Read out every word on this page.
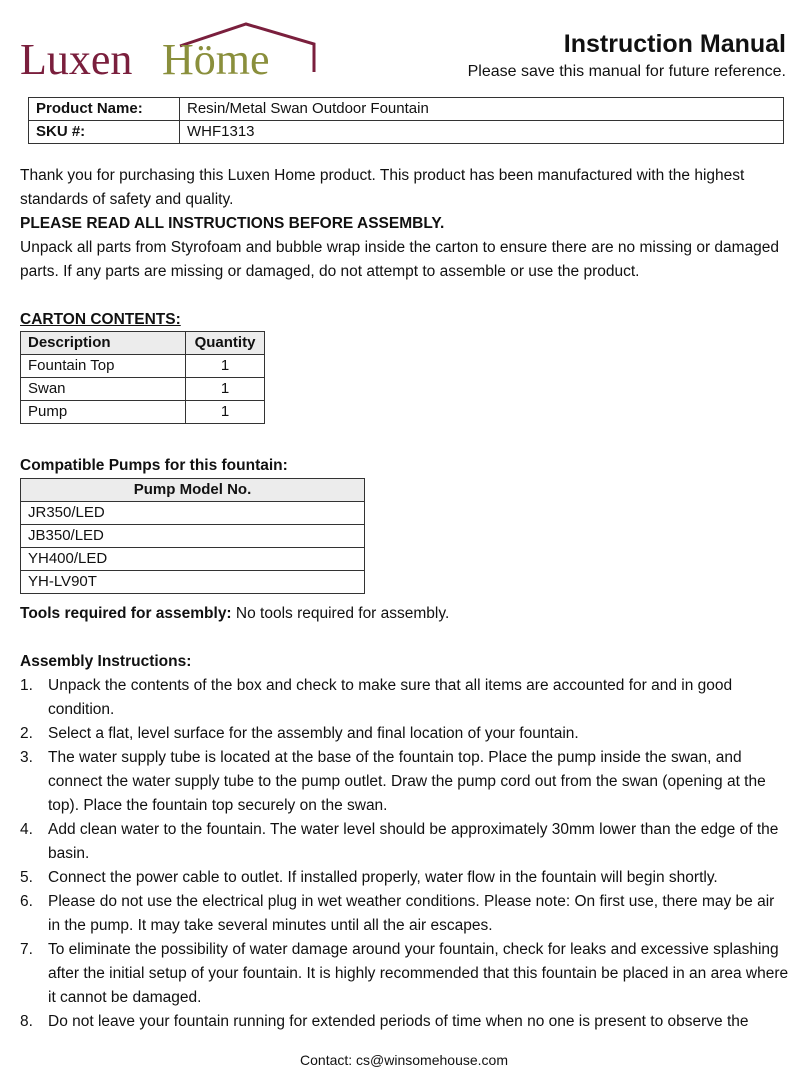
Luxen Höme	Instruction Manual
Please save this manual for future reference.
Product Name:	Resin/Metal Swan Outdoor Fountain
SKU #:	WHF1313
Thank you for purchasing this Luxen Home product. This product has been manufactured with the highest standards of safety and quality.
PLEASE READ ALL INSTRUCTIONS BEFORE ASSEMBLY.
Unpack all parts from Styrofoam and bubble wrap inside the carton to ensure there are no missing or damaged parts. If any parts are missing or damaged, do not attempt to assemble or use the product.
CARTON CONTENTS:
Description	Quantity
Fountain Top	1
Swan	1
Pump	1
Compatible Pumps for this fountain:
Pump Model No.
JR350/LED
JB350/LED
YH400/LED
YH-LV90T
Tools required for assembly: No tools required for assembly.
Assembly Instructions:
1. Unpack the contents of the box and check to make sure that all items are accounted for and in good condition.
2. Select a flat, level surface for the assembly and final location of your fountain.
3. The water supply tube is located at the base of the fountain top. Place the pump inside the swan, and connect the water supply tube to the pump outlet. Draw the pump cord out from the swan (opening at the top). Place the fountain top securely on the swan.
4. Add clean water to the fountain. The water level should be approximately 30mm lower than the edge of the basin.
5. Connect the power cable to outlet. If installed properly, water flow in the fountain will begin shortly.
6. Please do not use the electrical plug in wet weather conditions. Please note: On first use, there may be air in the pump. It may take several minutes until all the air escapes.
7. To eliminate the possibility of water damage around your fountain, check for leaks and excessive splashing after the initial setup of your fountain. It is highly recommended that this fountain be placed in an area where it cannot be damaged.
8. Do not leave your fountain running for extended periods of time when no one is present to observe the
Contact: cs@winsomehouse.com
